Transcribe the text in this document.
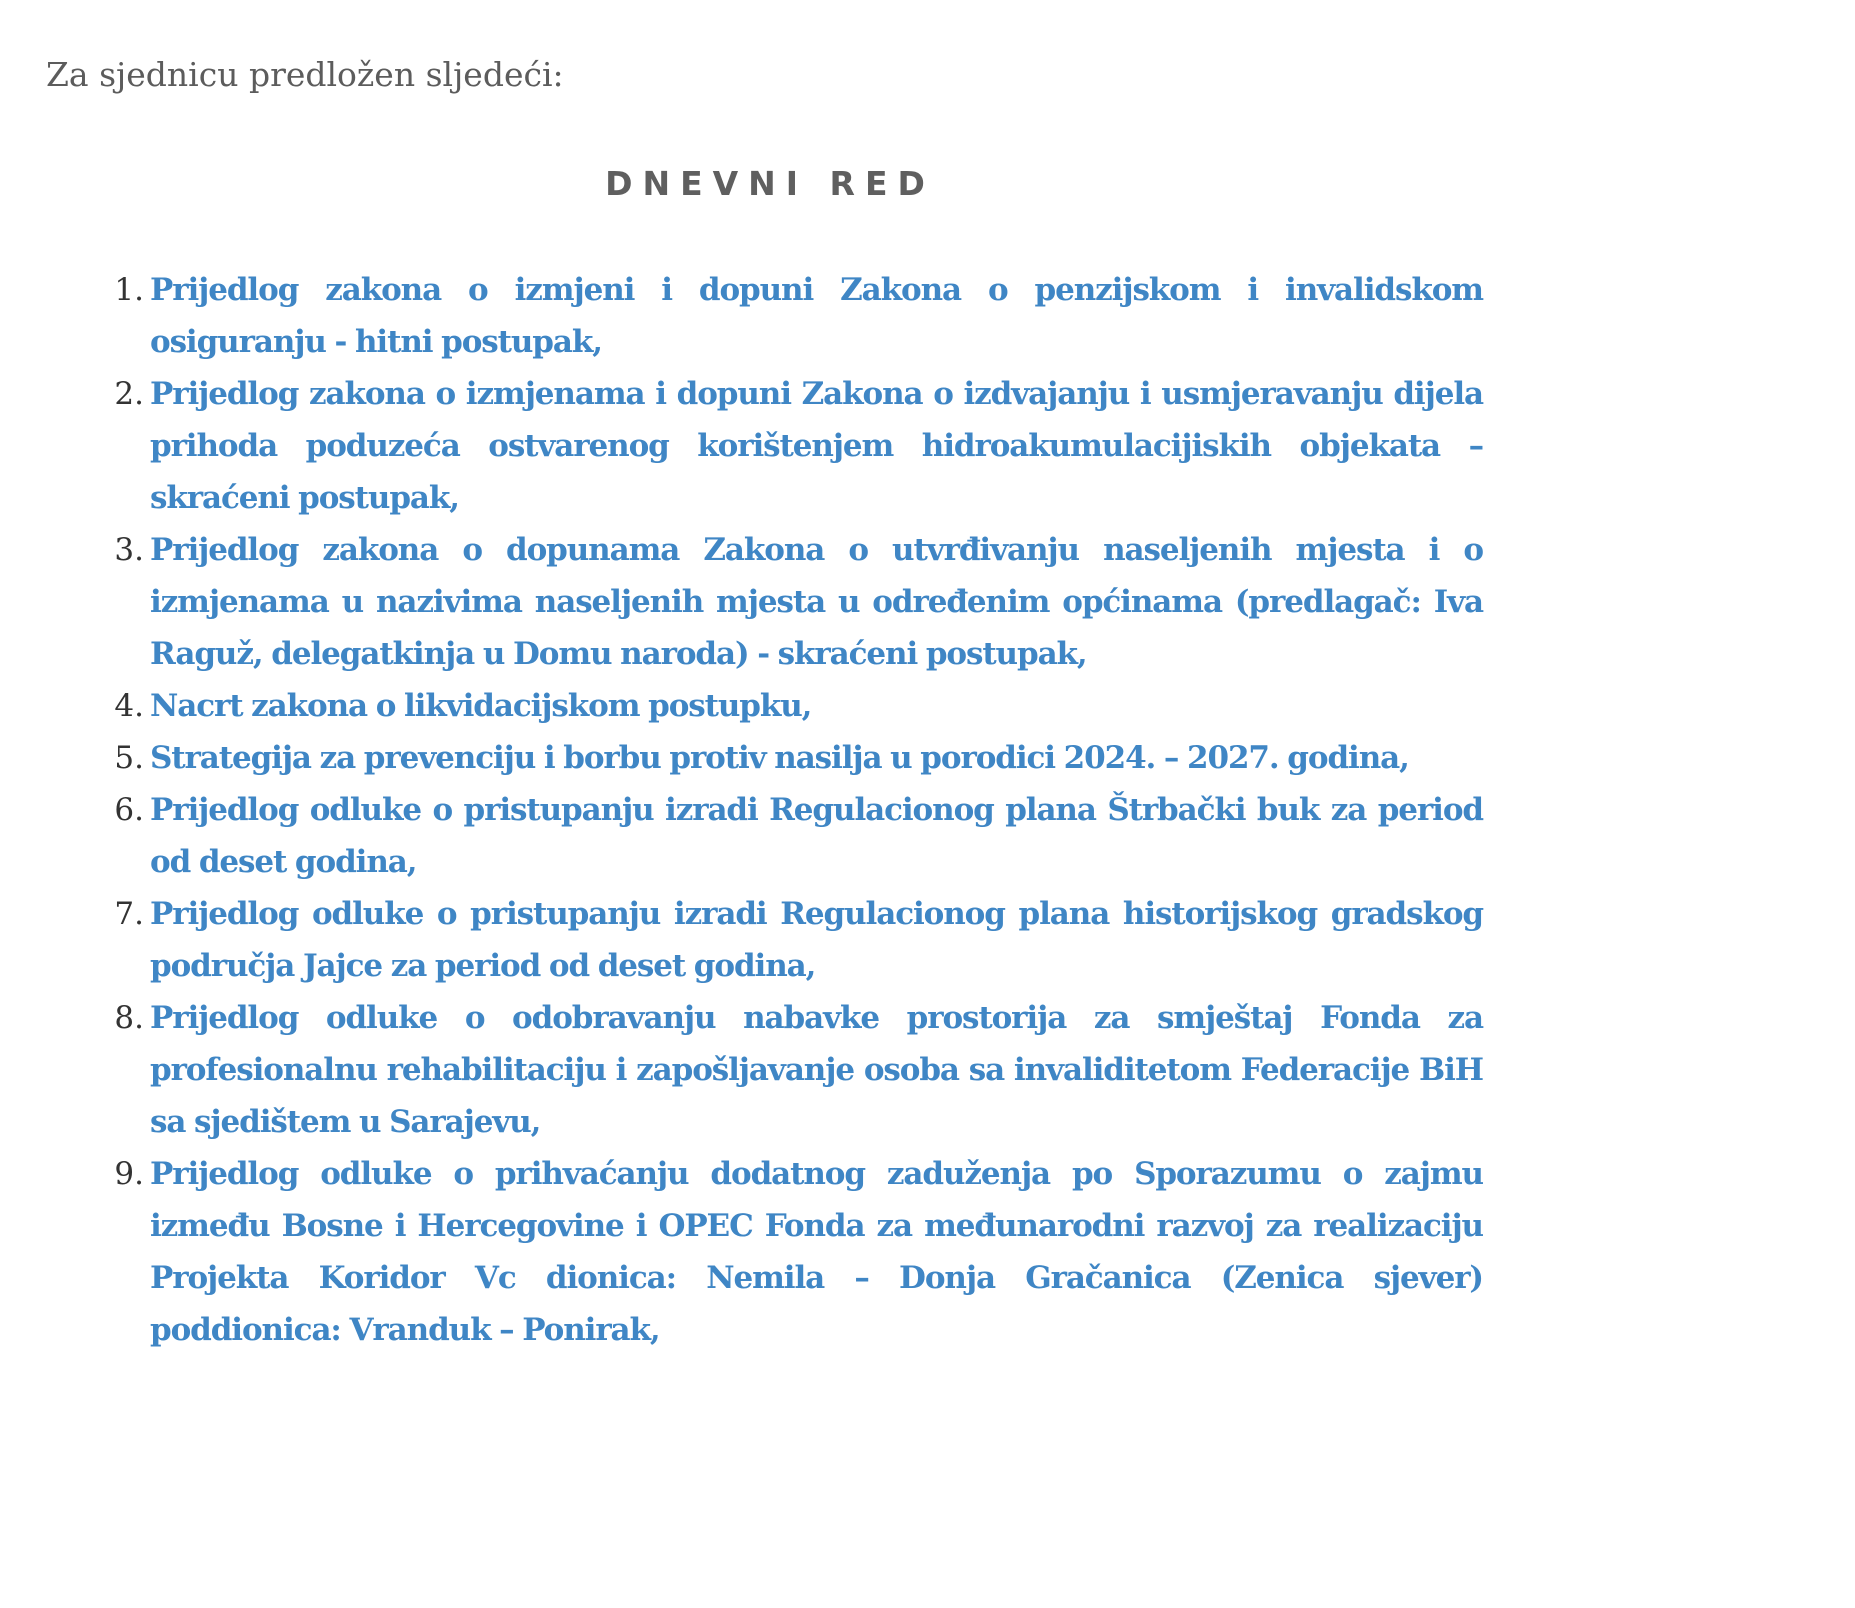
Za sjednicu predložen sljedeći:

DNEVNI RED
1. Prijedlog zakona o izmjeni i dopuni Zakona o penzijskom i invalidskom osiguranju - hitni postupak,
2. Prijedlog zakona o izmjenama i dopuni Zakona o izdvajanju i usmjeravanju dijela prihoda poduzeća ostvarenog korištenjem hidroakumulacijiskih objekata – skraćeni postupak,
3. Prijedlog zakona o dopunama Zakona o utvrđivanju naseljenih mjesta i o izmjenama u nazivima naseljenih mjesta u određenim općinama (predlagač: Iva Raguž, delegatkinja u Domu naroda) - skraćeni postupak,
4. Nacrt zakona o likvidacijskom postupku,
5. Strategija za prevenciju i borbu protiv nasilja u porodici 2024. – 2027. godina,
6. Prijedlog odluke o pristupanju izradi Regulacionog plana Štrbački buk za period od deset godina,
7. Prijedlog odluke o pristupanju izradi Regulacionog plana historijskog gradskog područja Jajce za period od deset godina,
8. Prijedlog odluke o odobravanju nabavke prostorija za smještaj Fonda za profesionalnu rehabilitaciju i zapošljavanje osoba sa invaliditetom Federacije BiH sa sjedištem u Sarajevu,
9. Prijedlog odluke o prihvaćanju dodatnog zaduženja po Sporazumu o zajmu između Bosne i Hercegovine i OPEC Fonda za međunarodni razvoj za realizaciju Projekta Koridor Vc dionica: Nemila – Donja Gračanica (Zenica sjever) poddionica: Vranduk – Ponirak,
